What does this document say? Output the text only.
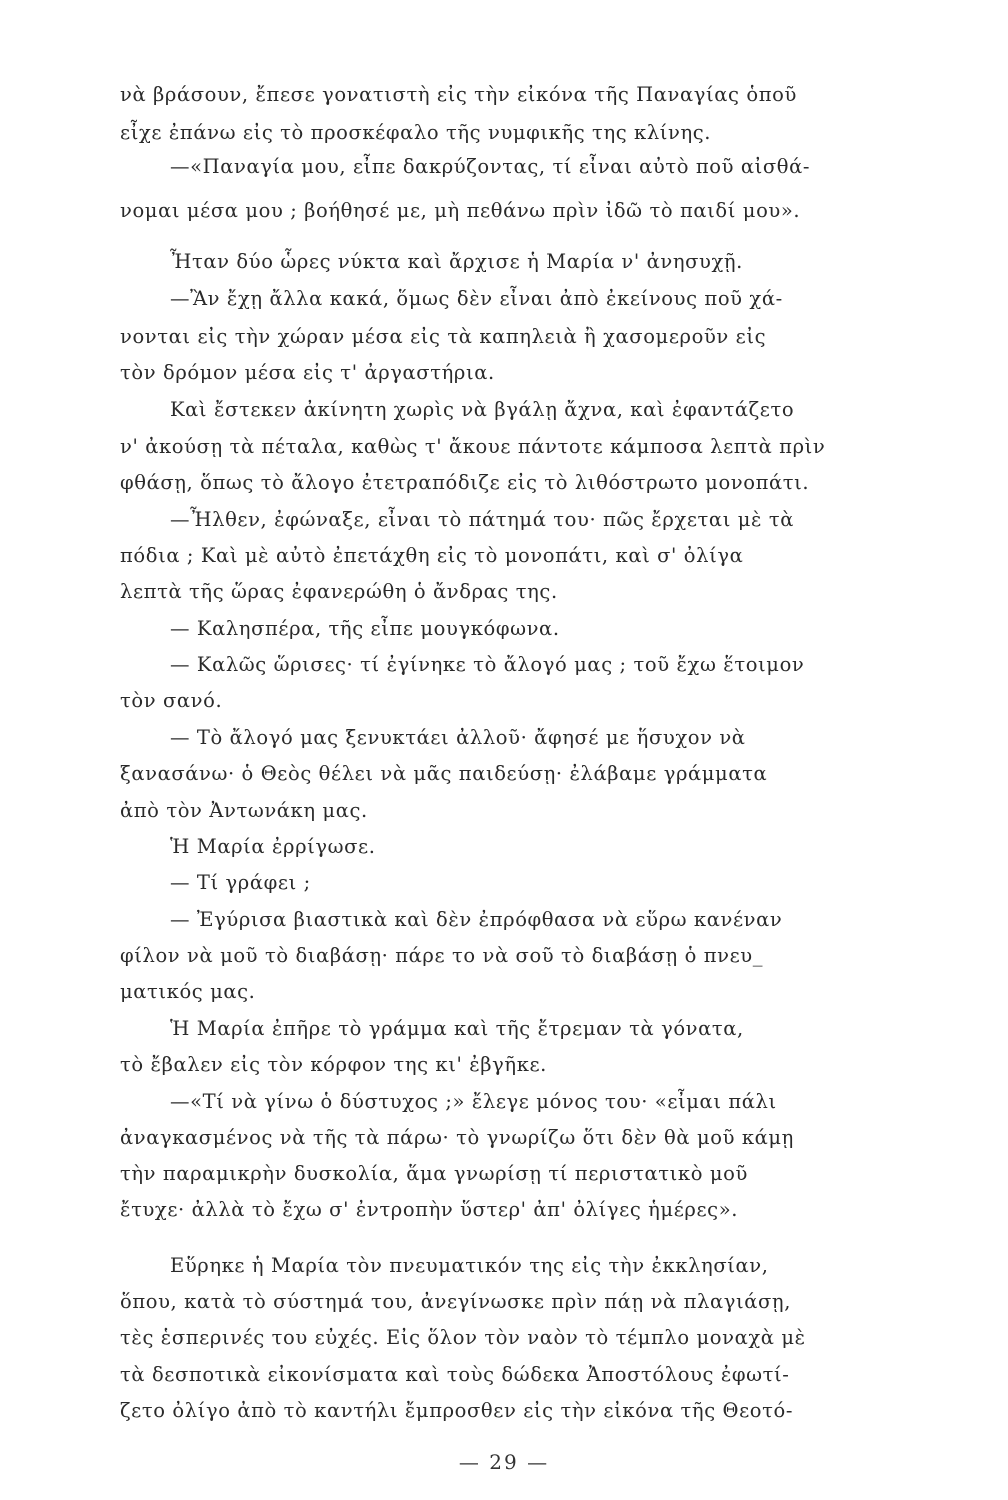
νὰ βράσουν, ἔπεσε γονατιστὴ εἰς τὴν εἰκόνα τῆς Παναγίας ὁποῦ
εἶχε ἐπάνω εἰς τὸ προσκέφαλο τῆς νυμφικῆς της κλίνης.
—«Παναγία μου, εἶπε δακρύζοντας, τί εἶναι αὐτὸ ποῦ αἰσθά-
νομαι μέσα μου ; βοήθησέ με, μὴ πεθάνω πρὶν ἰδῶ τὸ παιδί μου».
Ἦταν δύο ὧρες νύκτα καὶ ἄρχισε ἡ Μαρία ν' ἀνησυχῇ.
—Ἂν ἔχῃ ἄλλα κακά, ὅμως δὲν εἶναι ἀπὸ ἐκείνους ποῦ χά-
νονται εἰς τὴν χώραν μέσα εἰς τὰ καπηλειὰ ἢ χασομεροῦν εἰς
τὸν δρόμον μέσα εἰς τ' ἀργαστήρια.
Καὶ ἔστεκεν ἀκίνητη χωρὶς νὰ βγάλῃ ἄχνα, καὶ ἐφαντάζετο
ν' ἀκούσῃ τὰ πέταλα, καθὼς τ' ἄκουε πάντοτε κάμποσα λεπτὰ πρὶν
φθάσῃ, ὅπως τὸ ἄλογο ἐτετραπόδιζε εἰς τὸ λιθόστρωτο μονοπάτι.
—Ἦλθεν, ἐφώναξε, εἶναι τὸ πάτημά του· πῶς ἔρχεται μὲ τὰ
πόδια ; Καὶ μὲ αὐτὸ ἐπετάχθη εἰς τὸ μονοπάτι, καὶ σ' ὀλίγα
λεπτὰ τῆς ὥρας ἐφανερώθη ὁ ἄνδρας της.
— Καλησπέρα, τῆς εἶπε μουγκόφωνα.
— Καλῶς ὥρισες· τί ἐγίνηκε τὸ ἄλογό μας ; τοῦ ἔχω ἕτοιμον
τὸν σανό.
— Τὸ ἄλογό μας ξενυκτάει ἀλλοῦ· ἄφησέ με ἥσυχον νὰ
ξανασάνω· ὁ Θεὸς θέλει νὰ μᾶς παιδεύσῃ· ἐλάβαμε γράμματα
ἀπὸ τὸν Ἀντωνάκη μας.
Ἡ Μαρία ἐρρίγωσε.
— Τί γράφει ;
— Ἐγύρισα βιαστικὰ καὶ δὲν ἐπρόφθασα νὰ εὕρω κανέναν
φίλον νὰ μοῦ τὸ διαβάσῃ· πάρε το νὰ σοῦ τὸ διαβάσῃ ὁ πνευ_
ματικός μας.
Ἡ Μαρία ἐπῆρε τὸ γράμμα καὶ τῆς ἔτρεμαν τὰ γόνατα,
τὸ ἔβαλεν εἰς τὸν κόρφον της κι' ἐβγῆκε.
—«Τί νὰ γίνω ὁ δύστυχος ;» ἔλεγε μόνος του· «εἶμαι πάλι
ἀναγκασμένος νὰ τῆς τὰ πάρω· τὸ γνωρίζω ὅτι δὲν θὰ μοῦ κάμῃ
τὴν παραμικρὴν δυσκολία, ἅμα γνωρίσῃ τί περιστατικὸ μοῦ
ἔτυχε· ἀλλὰ τὸ ἔχω σ' ἐντροπὴν ὕστερ' ἀπ' ὀλίγες ἡμέρες».
Εὕρηκε ἡ Μαρία τὸν πνευματικόν της εἰς τὴν ἐκκλησίαν,
ὅπου, κατὰ τὸ σύστημά του, ἀνεγίνωσκε πρὶν πάῃ νὰ πλαγιάσῃ,
τὲς ἑσπερινές του εὐχές. Εἰς ὅλον τὸν ναὸν τὸ τέμπλο μοναχὰ μὲ
τὰ δεσποτικὰ εἰκονίσματα καὶ τοὺς δώδεκα Ἀποστόλους ἐφωτί-
ζετο ὀλίγο ἀπὸ τὸ καντήλι ἔμπροσθεν εἰς τὴν εἰκόνα τῆς Θεοτό-
— 29 —
